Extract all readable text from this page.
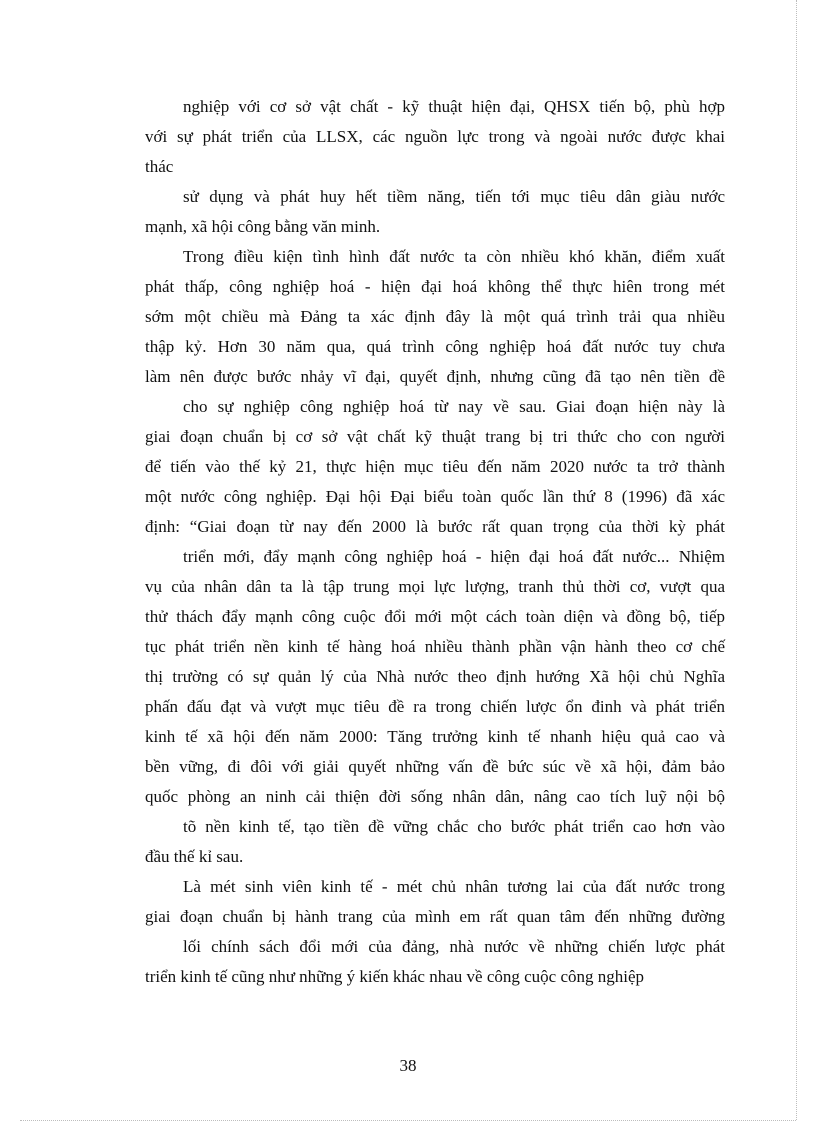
nghiệp với cơ sở vật chất - kỹ thuật hiện đại, QHSX tiến bộ, phù hợp
với sự phát triển của LLSX, các nguồn lực trong và ngoài nước được khai
thác
sử dụng và phát huy hết tiềm năng, tiến tới mục tiêu dân giàu nước
mạnh, xã hội công bằng văn minh.
Trong điều kiện tình hình đất nước ta còn nhiều khó khăn, điểm xuất
phát thấp, công nghiệp hoá - hiện đại hoá không thể thực hiên trong mét
sớm một chiều mà Đảng ta xác định đây là một quá trình trải qua nhiều
thập kỷ. Hơn 30 năm qua, quá trình công nghiệp hoá đất nước tuy chưa
làm nên được bước nhảy vĩ đại, quyết định, nhưng cũng đã tạo nên tiền đề
cho sự nghiệp công nghiệp hoá từ nay về sau. Giai đoạn hiện này là
giai đoạn chuẩn bị cơ sở vật chất kỹ thuật trang bị tri thức cho con người
để tiến vào thế kỷ 21, thực hiện mục tiêu đến năm 2020 nước ta trở thành
một nước công nghiệp. Đại hội Đại biểu toàn quốc lần thứ 8 (1996) đã xác
định: “Giai đoạn từ nay đến 2000 là bước rất quan trọng của thời kỳ phát
triển mới, đẩy mạnh công nghiệp hoá - hiện đại hoá đất nước... Nhiệm
vụ của nhân dân ta là tập trung mọi lực lượng, tranh thủ thời cơ, vượt qua
thử thách đẩy mạnh công cuộc đổi mới một cách toàn diện và đồng bộ, tiếp
tục phát triển nền kinh tế hàng hoá nhiều thành phần vận hành theo cơ chế
thị trường có sự quản lý của Nhà nước theo định hướng Xã hội chủ Nghĩa
phấn đấu đạt và vượt mục tiêu đề ra trong chiến lược ổn đinh và phát triển
kinh tế xã hội đến năm 2000: Tăng trưởng kinh tế nhanh hiệu quả cao và
bền vững, đi đôi với giải quyết những vấn đề bức súc về xã hội, đảm bảo
quốc phòng an ninh cải thiện đời sống nhân dân, nâng cao tích luỹ nội bộ
tõ nền kinh tế, tạo tiền đề vững chắc cho bước phát triển cao hơn vào
đầu thế kỉ sau.
Là mét sinh viên kinh tế - mét chủ nhân tương lai của đất nước trong
giai đoạn chuẩn bị hành trang của mình em rất quan tâm đến những đường
lối chính sách đổi mới của đảng, nhà nước về những chiến lược phát
triển kinh tế cũng như những ý kiến khác nhau về công cuộc công nghiệp
38
